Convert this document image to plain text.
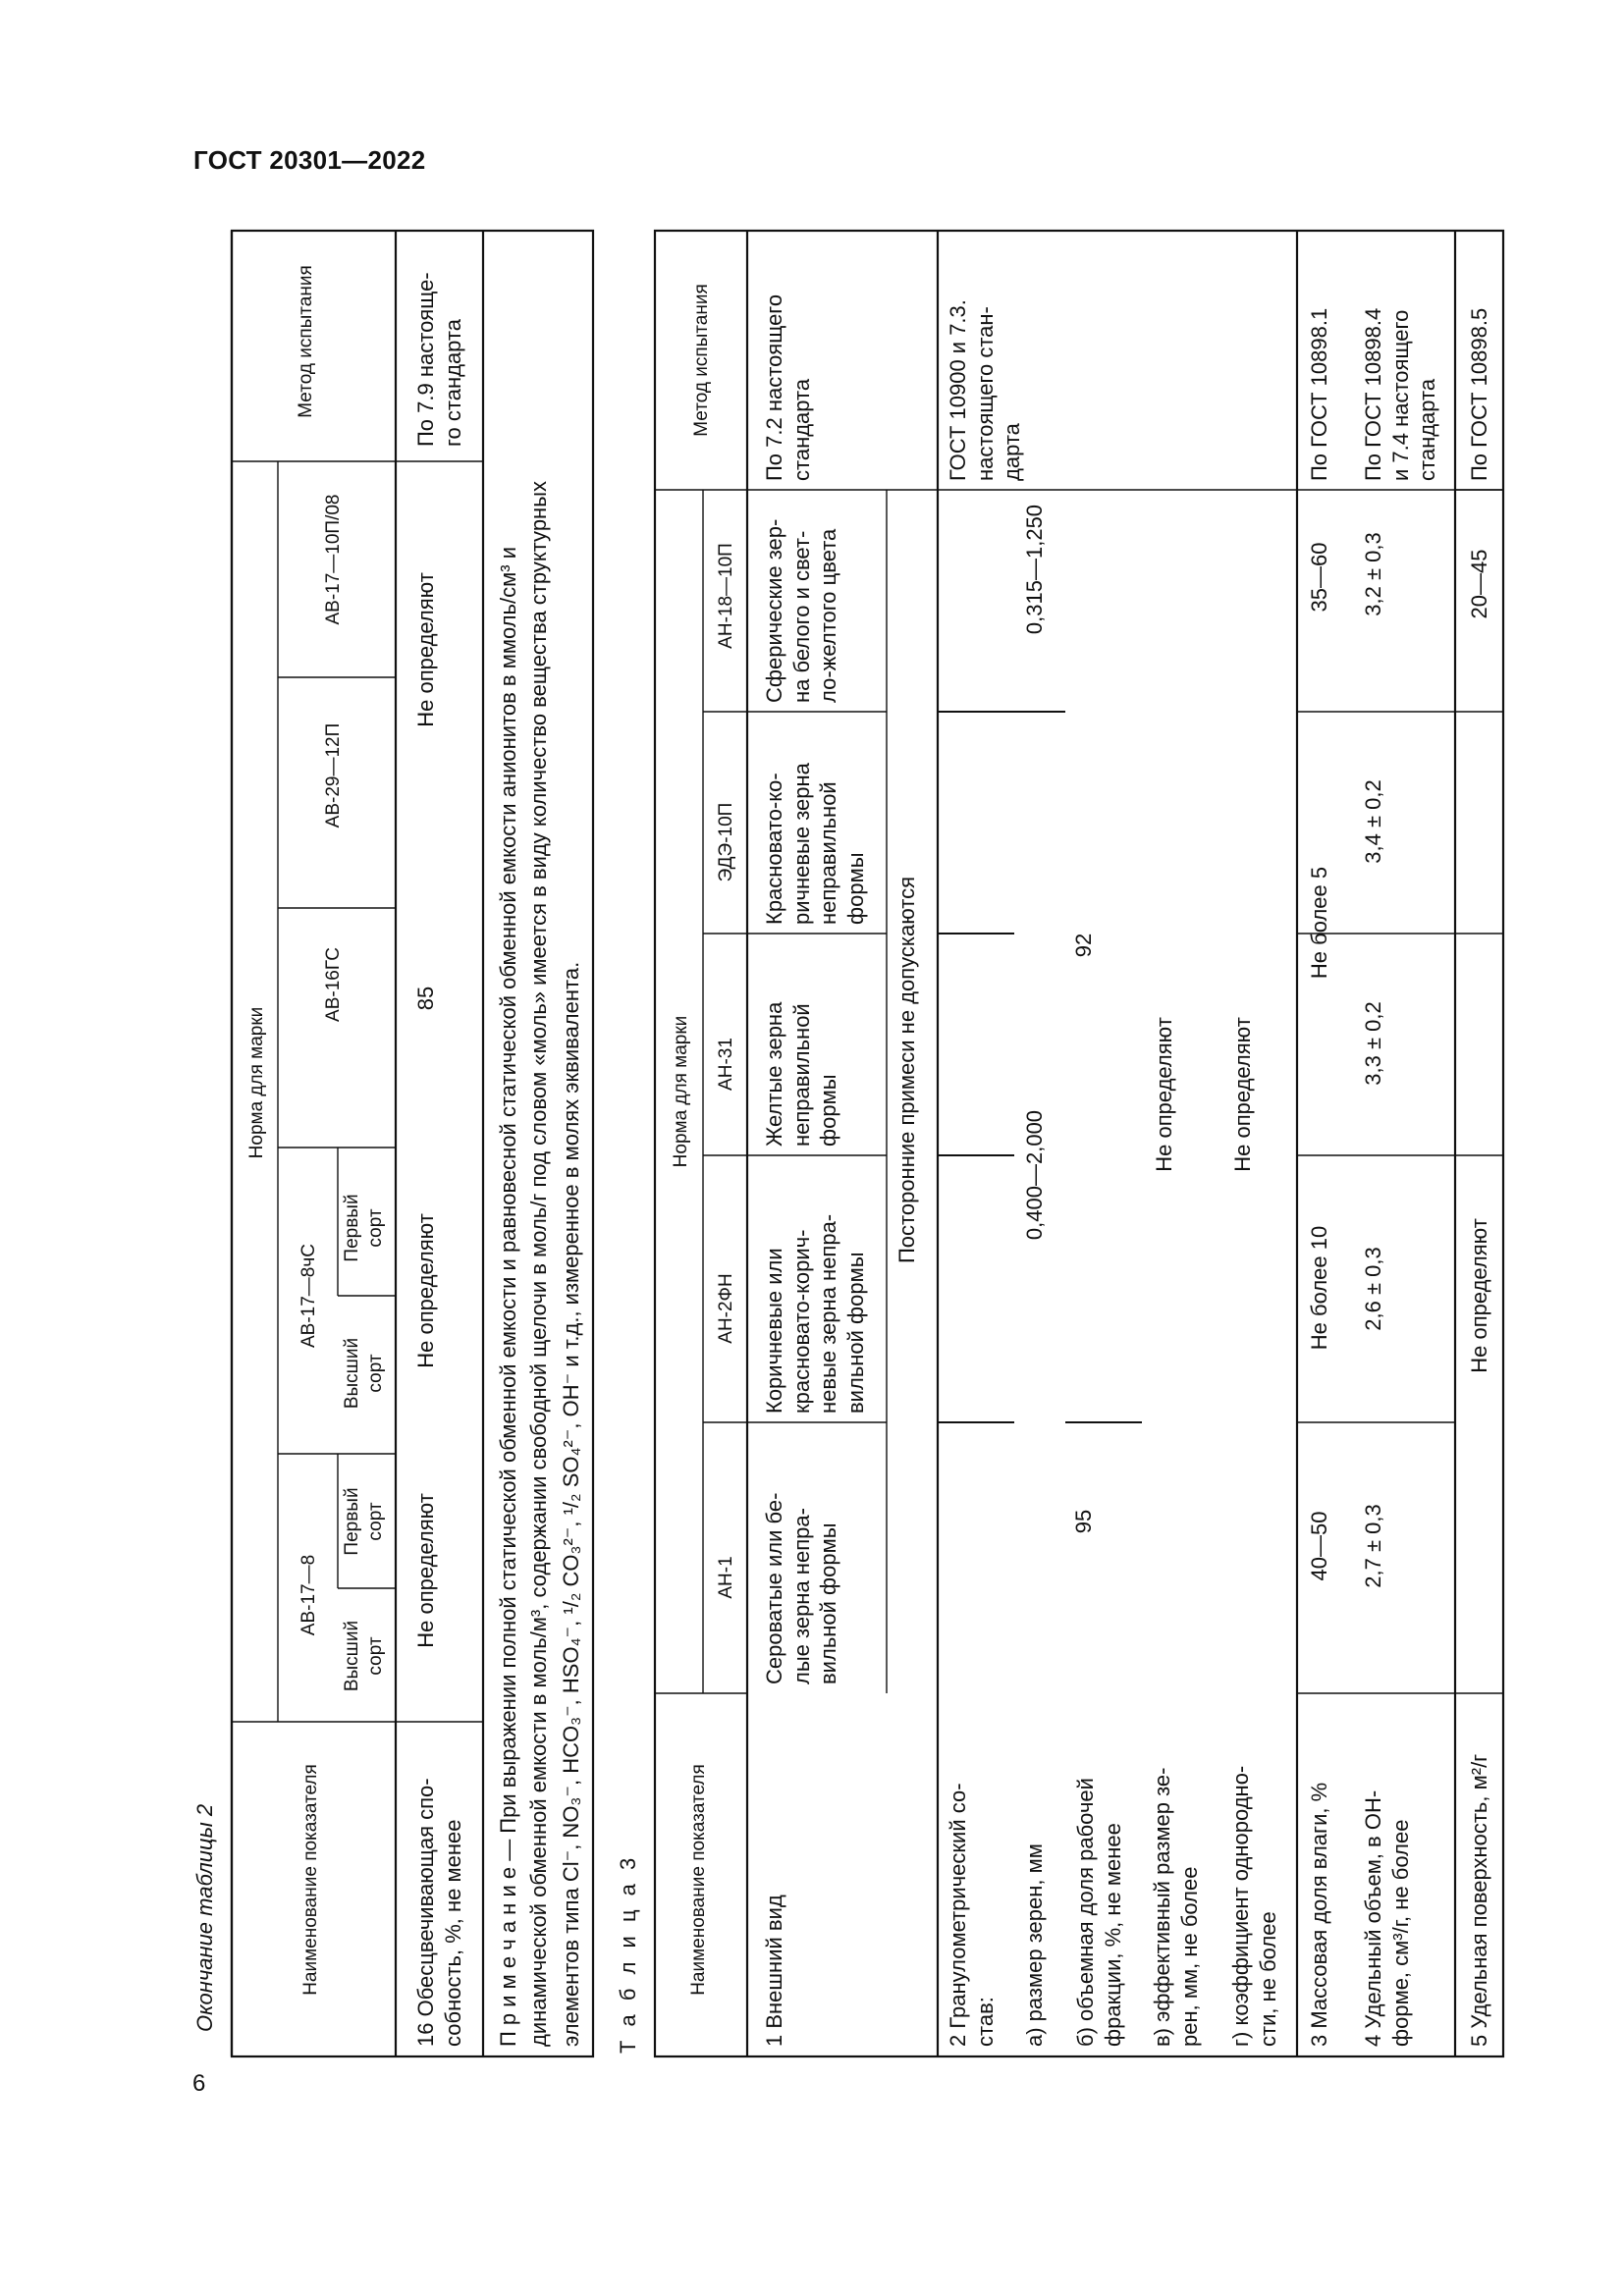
ГОСТ 20301—2022
6
Окончание таблицы 2	Наименование показателя
Норма для марки
Метод испытания
АВ-17—8
АВ-17—8чС
АВ-16ГС
АВ-29—12П
АВ-17—10П/08
Высший
сорт
Первый
сорт
Высший
сорт
Первый
сорт
16 Обесцвечивающая спо-
собность, %, не менее
Не определяют
Не определяют
85
Не определяют
По 7.9 настояще-
го стандарта
П р и м е ч а н и е — При выражении полной статической обменной емкости и равновесной статической обменной емкости анионитов в ммоль/см³ и динамической обменной емкости в моль/м³, содержании свободной щелочи в моль/г под словом «моль» имеется в виду количество вещества структурных элементов типа Cl⁻, NO₃⁻, HCO₃⁻, HSO₄⁻, ¹/₂ CO₃²⁻, ¹/₂ SO₄²⁻, OH⁻ и т.д., измеренное в молях эквивалента. Т а б л и ц а 3	Наименование показателя
Норма для марки
Метод испытания
АН-1
АН-2ФН
АН-31
ЭДЭ-10П
АН-18—10П
1 Внешний вид
Сероватые или бе-
лые зерна непра-
вильной формы
Коричневые или
красновато-корич-
невые зерна непра-
вильной формы
Желтые зерна
неправильной
формы
Красновато-ко-
ричневые зерна
неправильной
формы
Сферические зер-
на белого и свет-
ло-желтого цвета
Посторонние примеси не допускаются
По 7.2 настоящего
стандарта
2 Гранулометрический со-
став: а) размер зерен, мм
0,400—2,000
0,315—1,250
б) объемная доля рабочей
фракции, %, не менее
95
92
в) эффективный размер зе-
рен, мм, не более
Не определяют
г) коэффициент однородно-
сти, не более
Не определяют
ГОСТ 10900 и 7.3.
настоящего стан-
дарта
3 Массовая доля влаги, %
40—50
Не более 10
Не более 5
35—60
По ГОСТ 10898.1
4 Удельный объем, в ОН-
форме, см³/г, не более
2,7 ± 0,3
2,6 ± 0,3
3,3 ± 0,2
3,4 ± 0,2
3,2 ± 0,3
По ГОСТ 10898.4
и 7.4 настоящего
стандарта
5 Удельная поверхность, м²/г
Не определяют
20—45
По ГОСТ 10898.5
